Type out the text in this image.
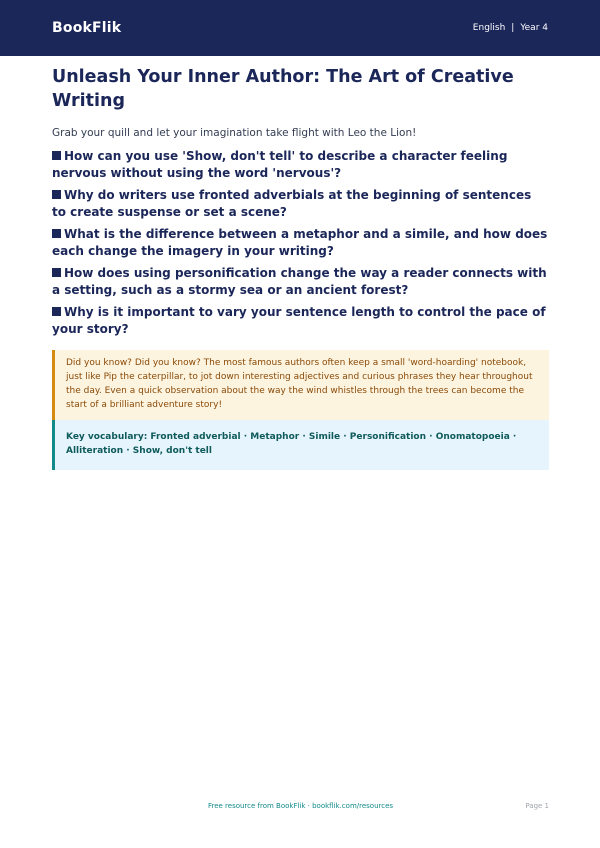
BookFlik	English | Year 4
Unleash Your Inner Author: The Art of Creative Writing

Grab your quill and let your imagination take flight with Leo the Lion!

How can you use 'Show, don't tell' to describe a character feeling nervous without using the word 'nervous'?
Why do writers use fronted adverbials at the beginning of sentences to create suspense or set a scene?
What is the difference between a metaphor and a simile, and how does each change the imagery in your writing?
How does using personification change the way a reader connects with a setting, such as a stormy sea or an ancient forest?
Why is it important to vary your sentence length to control the pace of your story?
Did you know? Did you know? The most famous authors often keep a small 'word-hoarding' notebook, just like Pip the caterpillar, to jot down interesting adjectives and curious phrases they hear throughout the day. Even a quick observation about the way the wind whistles through the trees can become the start of a brilliant adventure story!
Key vocabulary: Fronted adverbial · Metaphor · Simile · Personification · Onomatopoeia · Alliteration · Show, don't tell
Free resource from BookFlik · bookflik.com/resources	Page 1
